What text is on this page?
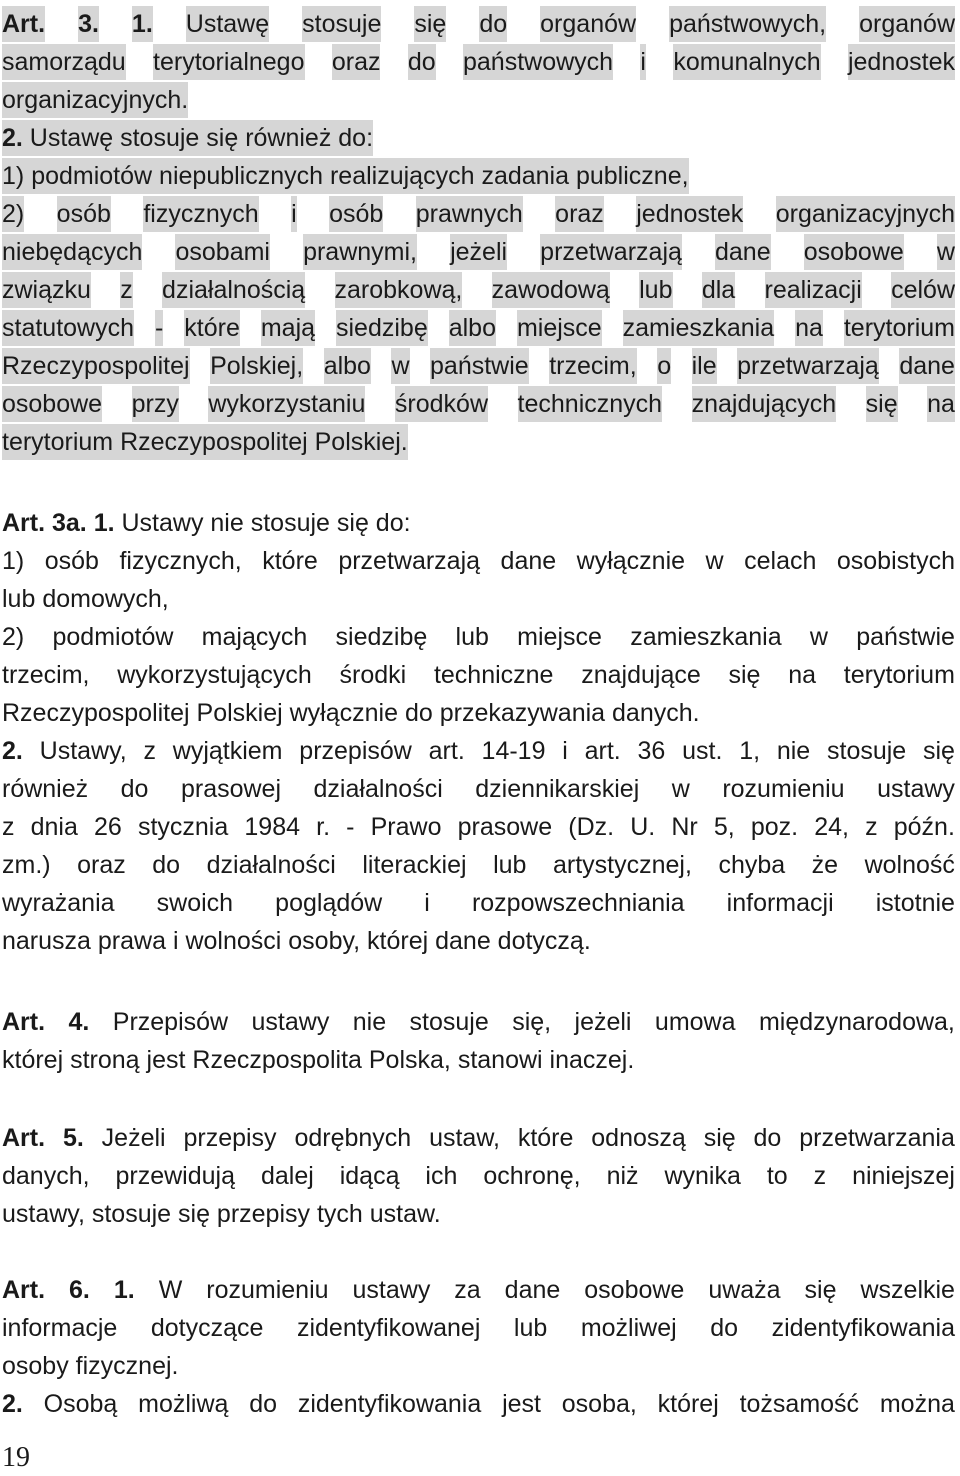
Art. 3. 1. Ustawę stosuje się do organów państwowych, organów
samorządu terytorialnego oraz do państwowych i komunalnych jednostek
organizacyjnych.
2. Ustawę stosuje się również do:
1) podmiotów niepublicznych realizujących zadania publiczne,
2) osób fizycznych i osób prawnych oraz jednostek organizacyjnych
niebędących osobami prawnymi, jeżeli przetwarzają dane osobowe w
związku z działalnością zarobkową, zawodową lub dla realizacji celów
statutowych - które mają siedzibę albo miejsce zamieszkania na terytorium
Rzeczypospolitej Polskiej, albo w państwie trzecim, o ile przetwarzają dane
osobowe przy wykorzystaniu środków technicznych znajdujących się na
terytorium Rzeczypospolitej Polskiej.
Art. 3a. 1. Ustawy nie stosuje się do:
1) osób fizycznych, które przetwarzają dane wyłącznie w celach osobistych
lub domowych,
2) podmiotów mających siedzibę lub miejsce zamieszkania w państwie
trzecim, wykorzystujących środki techniczne znajdujące się na terytorium
Rzeczypospolitej Polskiej wyłącznie do przekazywania danych.
2. Ustawy, z wyjątkiem przepisów art. 14-19 i art. 36 ust. 1, nie stosuje się
również do prasowej działalności dziennikarskiej w rozumieniu ustawy
z dnia 26 stycznia 1984 r. - Prawo prasowe (Dz. U. Nr 5, poz. 24, z późn.
zm.) oraz do działalności literackiej lub artystycznej, chyba że wolność
wyrażania swoich poglądów i rozpowszechniania informacji istotnie
narusza prawa i wolności osoby, której dane dotyczą.
Art. 4. Przepisów ustawy nie stosuje się, jeżeli umowa międzynarodowa,
której stroną jest Rzeczpospolita Polska, stanowi inaczej.
Art. 5. Jeżeli przepisy odrębnych ustaw, które odnoszą się do przetwarzania
danych, przewidują dalej idącą ich ochronę, niż wynika to z niniejszej
ustawy, stosuje się przepisy tych ustaw.
Art. 6. 1. W rozumieniu ustawy za dane osobowe uważa się wszelkie
informacje dotyczące zidentyfikowanej lub możliwej do zidentyfikowania
osoby fizycznej.
2. Osobą możliwą do zidentyfikowania jest osoba, której tożsamość można
19
